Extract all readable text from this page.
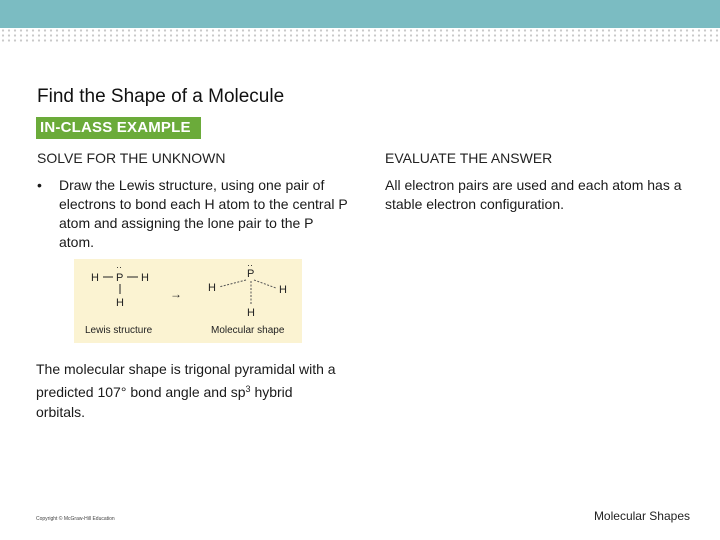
Find the Shape of a Molecule
IN-CLASS EXAMPLE
SOLVE FOR THE UNKNOWN	EVALUATE THE ANSWER
• Draw the Lewis structure, using one pair of electrons to bond each H atom to the central P atom and assigning the lone pair to the P atom.
All electron pairs are used and each atom has a stable electron configuration.
H
··
P H
H
→
··
P
H	H
H
Lewis structure	Molecular shape
The molecular shape is trigonal pyramidal with a predicted 107° bond angle and $sp^3$ hybrid orbitals.
Copyright © McGraw-Hill Education	Molecular Shapes
